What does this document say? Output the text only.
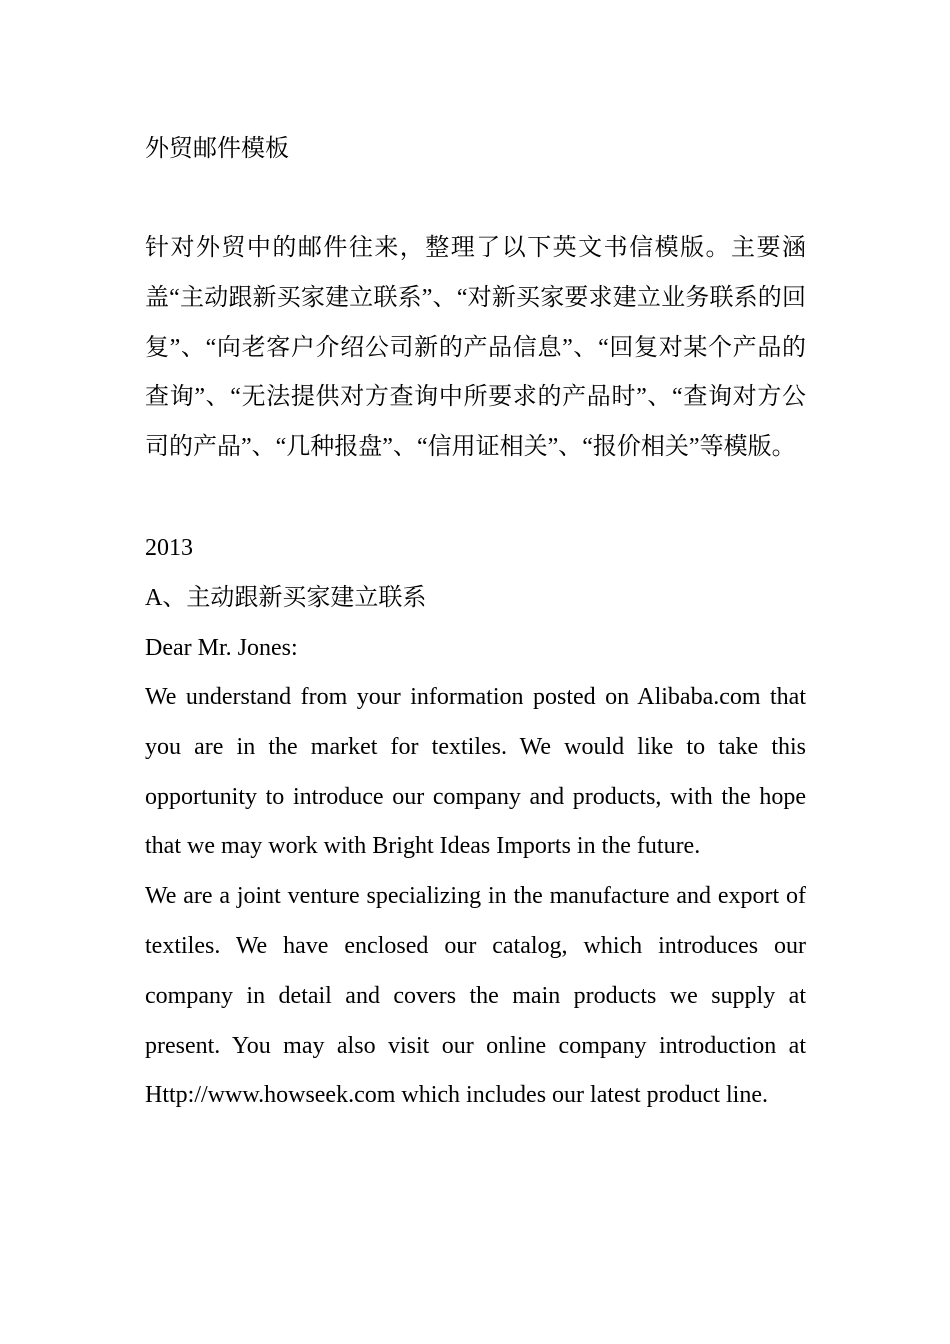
外贸邮件模板

针对外贸中的邮件往来，整理了以下英文书信模版。主要涵盖“主动跟新买家建立联系”、“对新买家要求建立业务联系的回复”、“向老客户介绍公司新的产品信息”、“回复对某个产品的查询”、“无法提供对方查询中所要求的产品时”、“查询对方公司的产品”、“几种报盘”、“信用证相关”、“报价相关”等模版。

2013

A、主动跟新买家建立联系

Dear Mr. Jones:

We understand from your information posted on Alibaba.com that you are in the market for textiles. We would like to take this opportunity to introduce our company and products, with the hope that we may work with Bright Ideas Imports in the future.

We are a joint venture specializing in the manufacture and export of textiles. We have enclosed our catalog, which introduces our company in detail and covers the main products we supply at present. You may also visit our online company introduction at Http://www.howseek.com which includes our latest product line.
